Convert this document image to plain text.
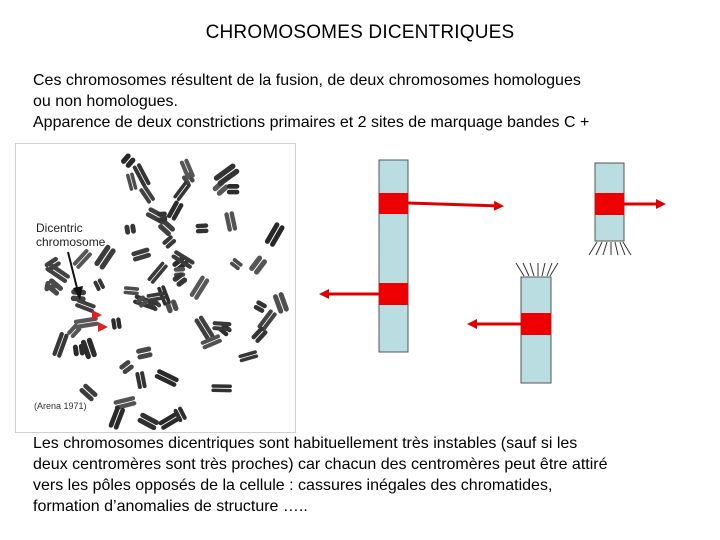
CHROMOSOMES DICENTRIQUES
Ces chromosomes résultent de la fusion, de deux chromosomes homologues
ou non homologues.
Apparence de deux constrictions primaires et 2 sites de marquage bandes C +
Dicentric
chromosome
(Arena 1971)
Les chromosomes dicentriques sont habituellement très instables (sauf si les
deux centromères sont très proches) car chacun des centromères peut être attiré
vers les pôles opposés de la cellule : cassures inégales des chromatides,
formation d’anomalies de structure …..
